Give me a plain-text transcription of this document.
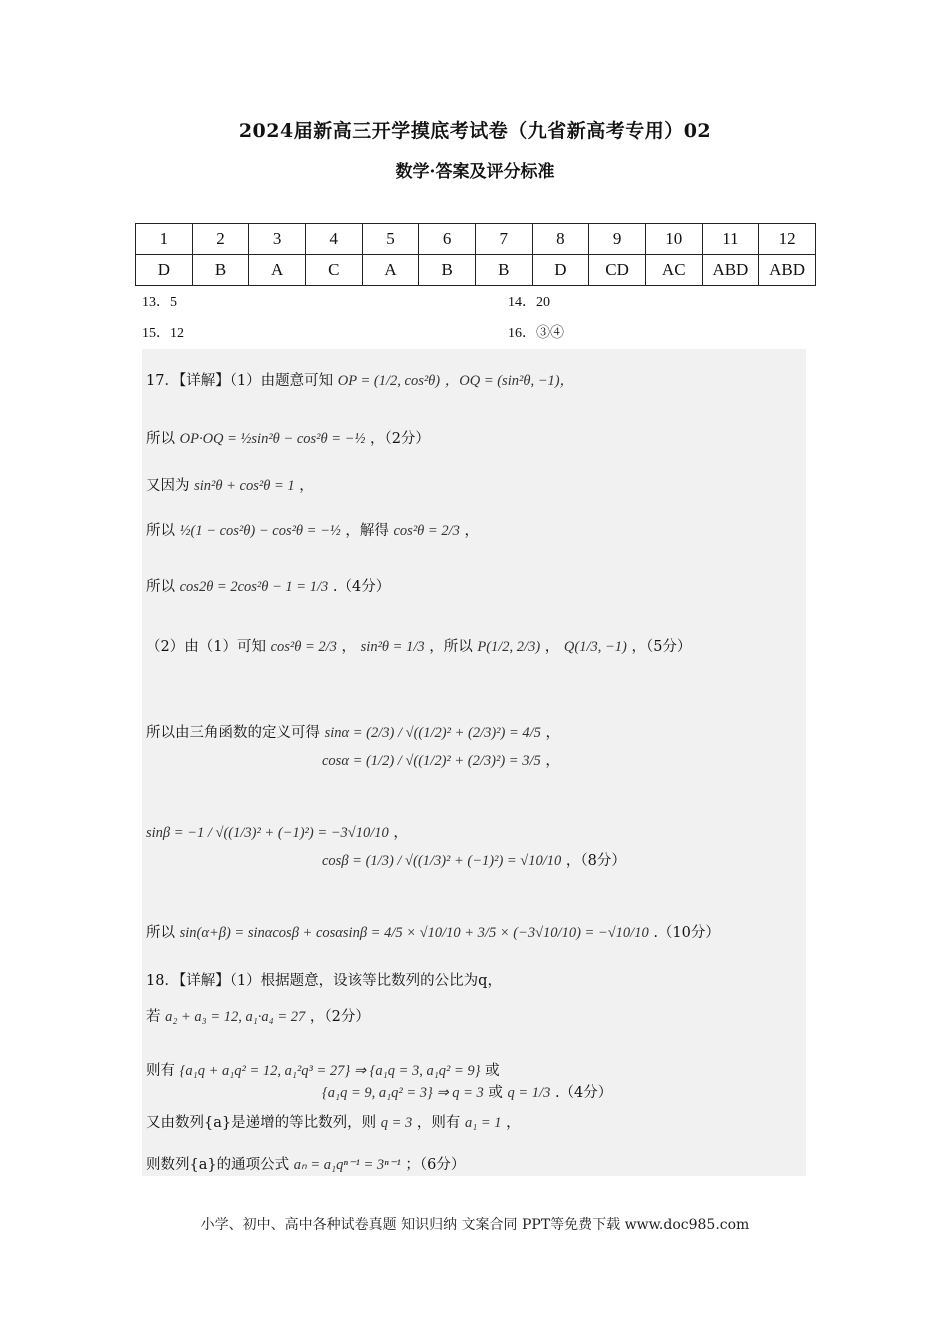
2024届新高三开学摸底考试卷（九省新高考专用）02
数学·答案及评分标准
1	2	3	4	5	6	7	8	9	10	11	12
D	B	A	C	A	B	B	D	CD	AC	ABD	ABD
13．5	14．20
15．12	16．③④
17．【详解】（1）由题意可知 OP = (1/2, cos²θ) ，OQ = (sin²θ, −1)，
所以 OP·OQ = ½sin²θ − cos²θ = −½ ，（2分）
又因为 sin²θ + cos²θ = 1 ，
所以 ½(1 − cos²θ) − cos²θ = −½ ，解得 cos²θ = 2/3 ，
所以 cos2θ = 2cos²θ − 1 = 1/3 .（4分）
（2）由（1）可知 cos²θ = 2/3 ， sin²θ = 1/3 ，所以 P(1/2, 2/3) ， Q(1/3, −1) ，（5分）
所以由三角函数的定义可得 sinα = (2/3) / √((1/2)² + (2/3)²) = 4/5 ，
cosα = (1/2) / √((1/2)² + (2/3)²) = 3/5 ，
sinβ = −1 / √((1/3)² + (−1)²) = −3√10/10 ，
cosβ = (1/3) / √((1/3)² + (−1)²) = √10/10 ，（8分）
所以 sin(α+β) = sinαcosβ + cosαsinβ = 4/5 × √10/10 + 3/5 × (−3√10/10) = −√10/10 .（10分）
18．【详解】（1）根据题意，设该等比数列的公比为q，
若 a₂ + a₃ = 12, a₁·a₄ = 27 ，（2分）
则有 {a₁q + a₁q² = 12, a₁²q³ = 27} ⇒ {a₁q = 3, a₁q² = 9} 或
{a₁q = 9, a₁q² = 3} ⇒ q = 3 或 q = 1/3 .（4分）
又由数列{a}是递增的等比数列，则 q = 3 ，则有 a₁ = 1 ，
则数列{a}的通项公式 aₙ = a₁qⁿ⁻¹ = 3ⁿ⁻¹ ；（6分）
小学、初中、高中各种试卷真题 知识归纳 文案合同 PPT等免费下载 www.doc985.com
